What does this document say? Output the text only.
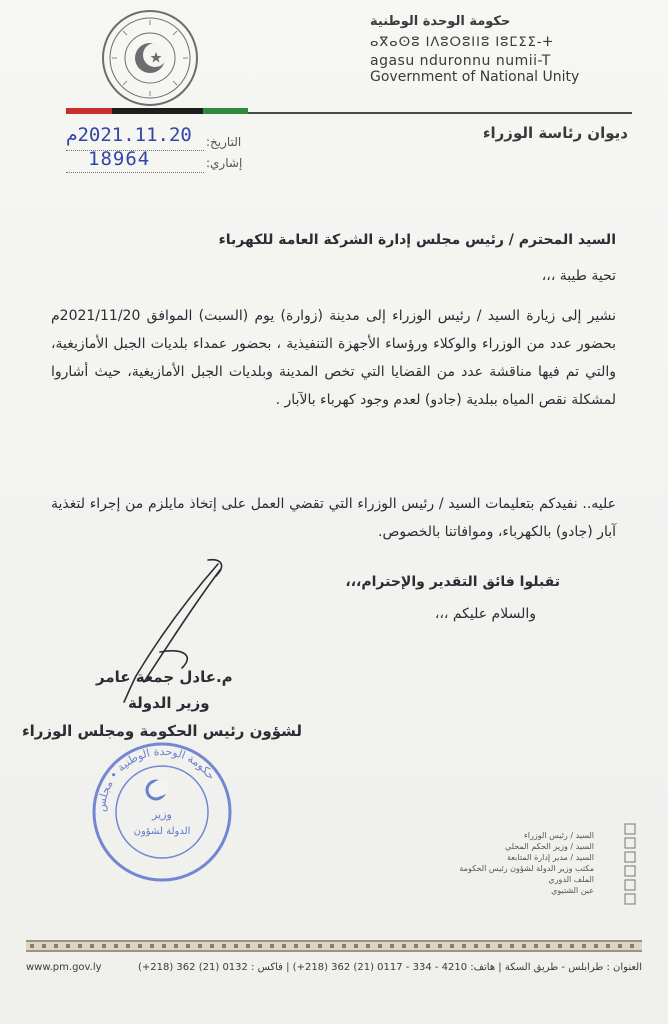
حكومة الوحدة الوطنية
ⴰⴳⴰⵙⵓ ⵏⴷⵓⵔⵓⵏⵏⵓ ⵏⵓⵎⵉⵉ-ⵜ
agasu nduronnu numii-T
Government of National Unity
ديوان رئاسة الوزراء
التاريخ:
2021.11.20م
إشاري:
18964
السيد المحترم / رئيس مجلس إدارة الشركة العامة للكهرباء
تحية طيبة ،،،
نشير إلى زيارة السيد / رئيس الوزراء إلى مدينة (زوارة) يوم (السبت) الموافق 2021/11/20م بحضور عدد من الوزراء والوكلاء ورؤساء الأجهزة التنفيذية ، بحضور عمداء بلديات الجبل الأمازيغية، والتي تم فيها مناقشة عدد من القضايا التي تخص المدينة وبلديات الجبل الأمازيغية، حيث أشاروا لمشكلة نقص المياه ببلدية (جادو) لعدم وجود كهرباء بالآبار .
عليه.. نفيدكم بتعليمات السيد / رئيس الوزراء التي تقضي العمل على إتخاذ مايلزم من إجراء لتغذية آبار (جادو) بالكهرباء، وموافاتنا بالخصوص.
تقبلوا فائق التقدير والإحترام،،،
والسلام عليكم ،،،
م.عادل جمعة عامر
وزير الدولة
لشؤون رئيس الحكومة ومجلس الوزراء
حكومة الوحدة الوطنية • مجلس
وزير
الدولة لشؤون	السيد / رئيس الوزراء
السيد / وزير الحكم المحلي
السيد / مدير إدارة المتابعة
مكتب وزير الدولة لشؤون رئيس الحكومة
الملف الدوري
عين الشتيوي
www.pm.gov.ly	العنوان : طرابلس - طريق السكة | هاتف: 4210 - 334 - 0117 (21) 362 (218+) | فاكس : 0132 (21) 362 (218+)
